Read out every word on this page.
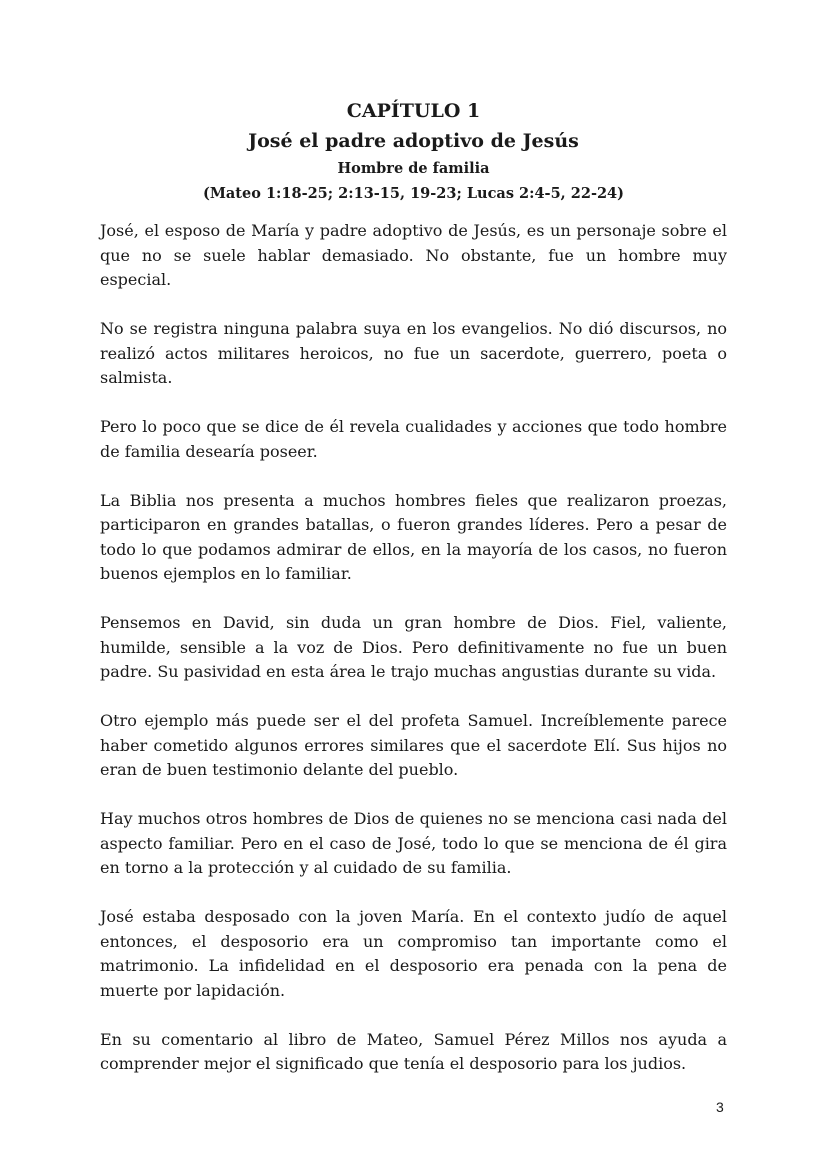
CAPÍTULO 1
José el padre adoptivo de Jesús
Hombre de familia
(Mateo 1:18-25; 2:13-15, 19-23; Lucas 2:4-5, 22-24)

José, el esposo de María y padre adoptivo de Jesús, es un personaje sobre el que no se suele hablar demasiado. No obstante, fue un hombre muy especial.

No se registra ninguna palabra suya en los evangelios. No dió discursos, no realizó actos militares heroicos, no fue un sacerdote, guerrero, poeta o salmista.

Pero lo poco que se dice de él revela cualidades y acciones que todo hombre de familia desearía poseer.

La Biblia nos presenta a muchos hombres fieles que realizaron proezas, participaron en grandes batallas, o fueron grandes líderes. Pero a pesar de todo lo que podamos admirar de ellos, en la mayoría de los casos, no fueron buenos ejemplos en lo familiar.

Pensemos en David, sin duda un gran hombre de Dios. Fiel, valiente, humilde, sensible a la voz de Dios. Pero definitivamente no fue un buen padre. Su pasividad en esta área le trajo muchas angustias durante su vida.

Otro ejemplo más puede ser el del profeta Samuel. Increíblemente parece haber cometido algunos errores similares que el sacerdote Elí. Sus hijos no eran de buen testimonio delante del pueblo.

Hay muchos otros hombres de Dios de quienes no se menciona casi nada del aspecto familiar. Pero en el caso de José, todo lo que se menciona de él gira en torno a la protección y al cuidado de su familia.

José estaba desposado con la joven María. En el contexto judío de aquel entonces, el desposorio era un compromiso tan importante como el matrimonio. La infidelidad en el desposorio era penada con la pena de muerte por lapidación.

En su comentario al libro de Mateo, Samuel Pérez Millos nos ayuda a comprender mejor el significado que tenía el desposorio para los judios.

3
